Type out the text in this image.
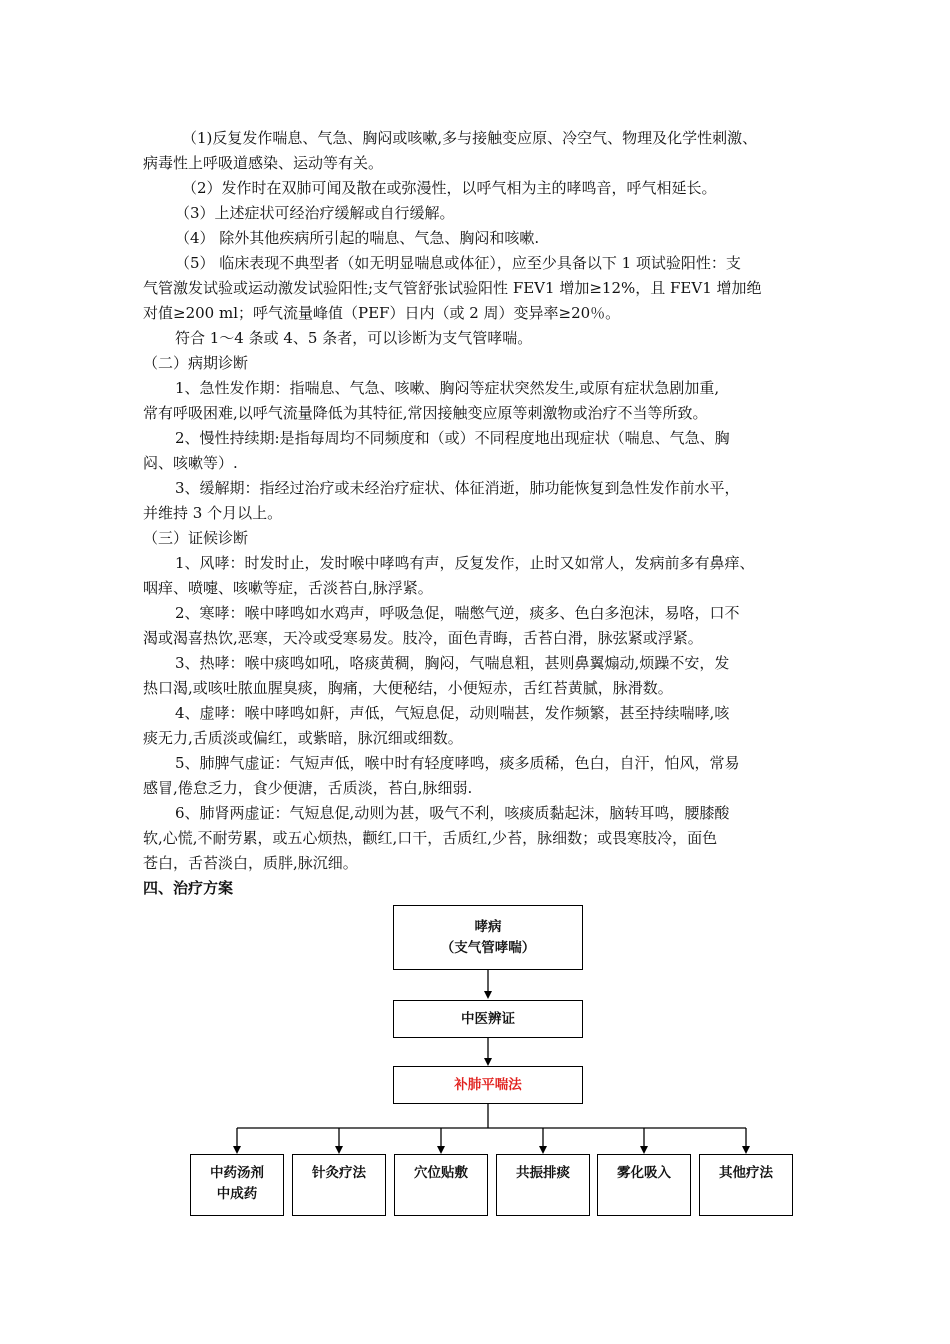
（1)反复发作喘息、气急、胸闷或咳嗽,多与接触变应原、冷空气、物理及化学性刺激、
病毒性上呼吸道感染、运动等有关。
（2）发作时在双肺可闻及散在或弥漫性，以呼气相为主的哮鸣音，呼气相延长。
（3）上述症状可经治疗缓解或自行缓解。
（4） 除外其他疾病所引起的喘息、气急、胸闷和咳嗽.
（5） 临床表现不典型者（如无明显喘息或体征），应至少具备以下 1 项试验阳性：支
气管激发试验或运动激发试验阳性;支气管舒张试验阳性 FEV1 增加≥12%，且 FEV1 增加绝
对值≥200 ml；呼气流量峰值（PEF）日内（或 2 周）变异率≥20％。
符合 1～4 条或 4、5 条者，可以诊断为支气管哮喘。
（二）病期诊断
1、急性发作期：指喘息、气急、咳嗽、胸闷等症状突然发生,或原有症状急剧加重,
常有呼吸困难,以呼气流量降低为其特征,常因接触变应原等刺激物或治疗不当等所致。
2、慢性持续期:是指每周均不同频度和（或）不同程度地出现症状（喘息、气急、胸
闷、咳嗽等）.
3、缓解期：指经过治疗或未经治疗症状、体征消逝，肺功能恢复到急性发作前水平，
并维持 3 个月以上。
（三）证候诊断
1、风哮：时发时止，发时喉中哮鸣有声，反复发作，止时又如常人，发病前多有鼻痒、
咽痒、喷嚏、咳嗽等症，舌淡苔白,脉浮紧。
2、寒哮：喉中哮鸣如水鸡声，呼吸急促，喘憋气逆，痰多、色白多泡沫，易咯，口不
渴或渴喜热饮,恶寒，天冷或受寒易发。肢冷，面色青晦，舌苔白滑，脉弦紧或浮紧。
3、热哮：喉中痰鸣如吼，咯痰黄稠，胸闷，气喘息粗，甚则鼻翼煽动,烦躁不安，发
热口渴,或咳吐脓血腥臭痰，胸痛，大便秘结，小便短赤，舌红苔黄腻，脉滑数。
4、虚哮：喉中哮鸣如鼾，声低，气短息促，动则喘甚，发作频繁，甚至持续喘哮,咳
痰无力,舌质淡或偏红，或紫暗，脉沉细或细数。
5、肺脾气虚证：气短声低，喉中时有轻度哮鸣，痰多质稀，色白，自汗，怕风，常易
感冒,倦怠乏力，食少便溏，舌质淡，苔白,脉细弱.
6、肺肾两虚证：气短息促,动则为甚，吸气不利，咳痰质黏起沫，脑转耳鸣，腰膝酸
软,心慌,不耐劳累，或五心烦热，颧红,口干，舌质红,少苔，脉细数；或畏寒肢冷，面色
苍白，舌苔淡白，质胖,脉沉细。
四、治疗方案
哮病
（支气管哮喘）
中医辨证
补肺平喘法
中药汤剂
中成药
针灸疗法	穴位贴敷	共振排痰	雾化吸入	其他疗法
